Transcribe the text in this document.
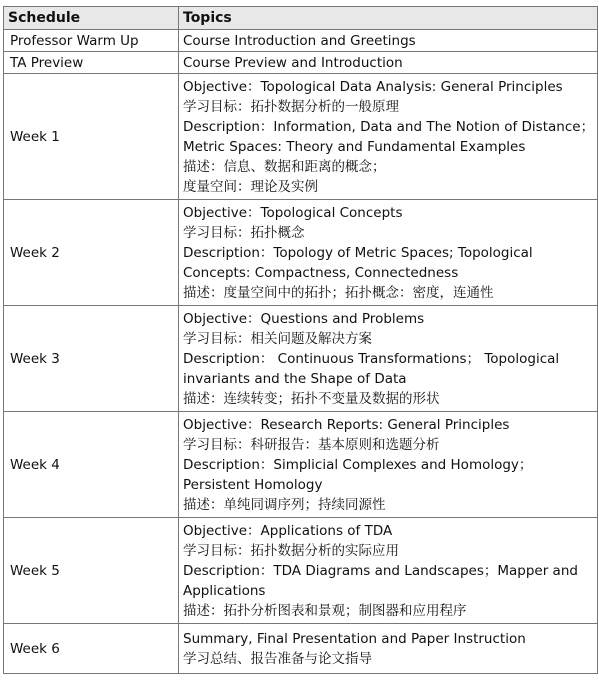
Schedule	Topics
Professor Warm Up	Course Introduction and Greetings

TA Preview	Course Preview and Introduction

Week 1	Objective：Topological Data Analysis: General Principles
学习目标：拓扑数据分析的一般原理
Description：Information, Data and The Notion of Distance；Metric Spaces: Theory and Fundamental Examples
描述：信息、数据和距离的概念；
度量空间：理论及实例

Week 2	Objective：Topological Concepts
学习目标：拓扑概念
Description：Topology of Metric Spaces; Topological Concepts: Compactness, Connectedness
描述：度量空间中的拓扑；拓扑概念：密度，连通性

Week 3	Objective：Questions and Problems
学习目标：相关问题及解决方案
Description： Continuous Transformations； Topological invariants and the Shape of Data
描述：连续转变；拓扑不变量及数据的形状

Week 4	Objective：Research Reports: General Principles
学习目标：科研报告：基本原则和选题分析
Description：Simplicial Complexes and Homology；Persistent Homology
描述：单纯同调序列；持续同源性

Week 5	Objective：Applications of TDA
学习目标：拓扑数据分析的实际应用
Description：TDA Diagrams and Landscapes；Mapper and Applications
描述：拓扑分析图表和景观；制图器和应用程序

Week 6	Summary, Final Presentation and Paper Instruction
学习总结、报告准备与论文指导
